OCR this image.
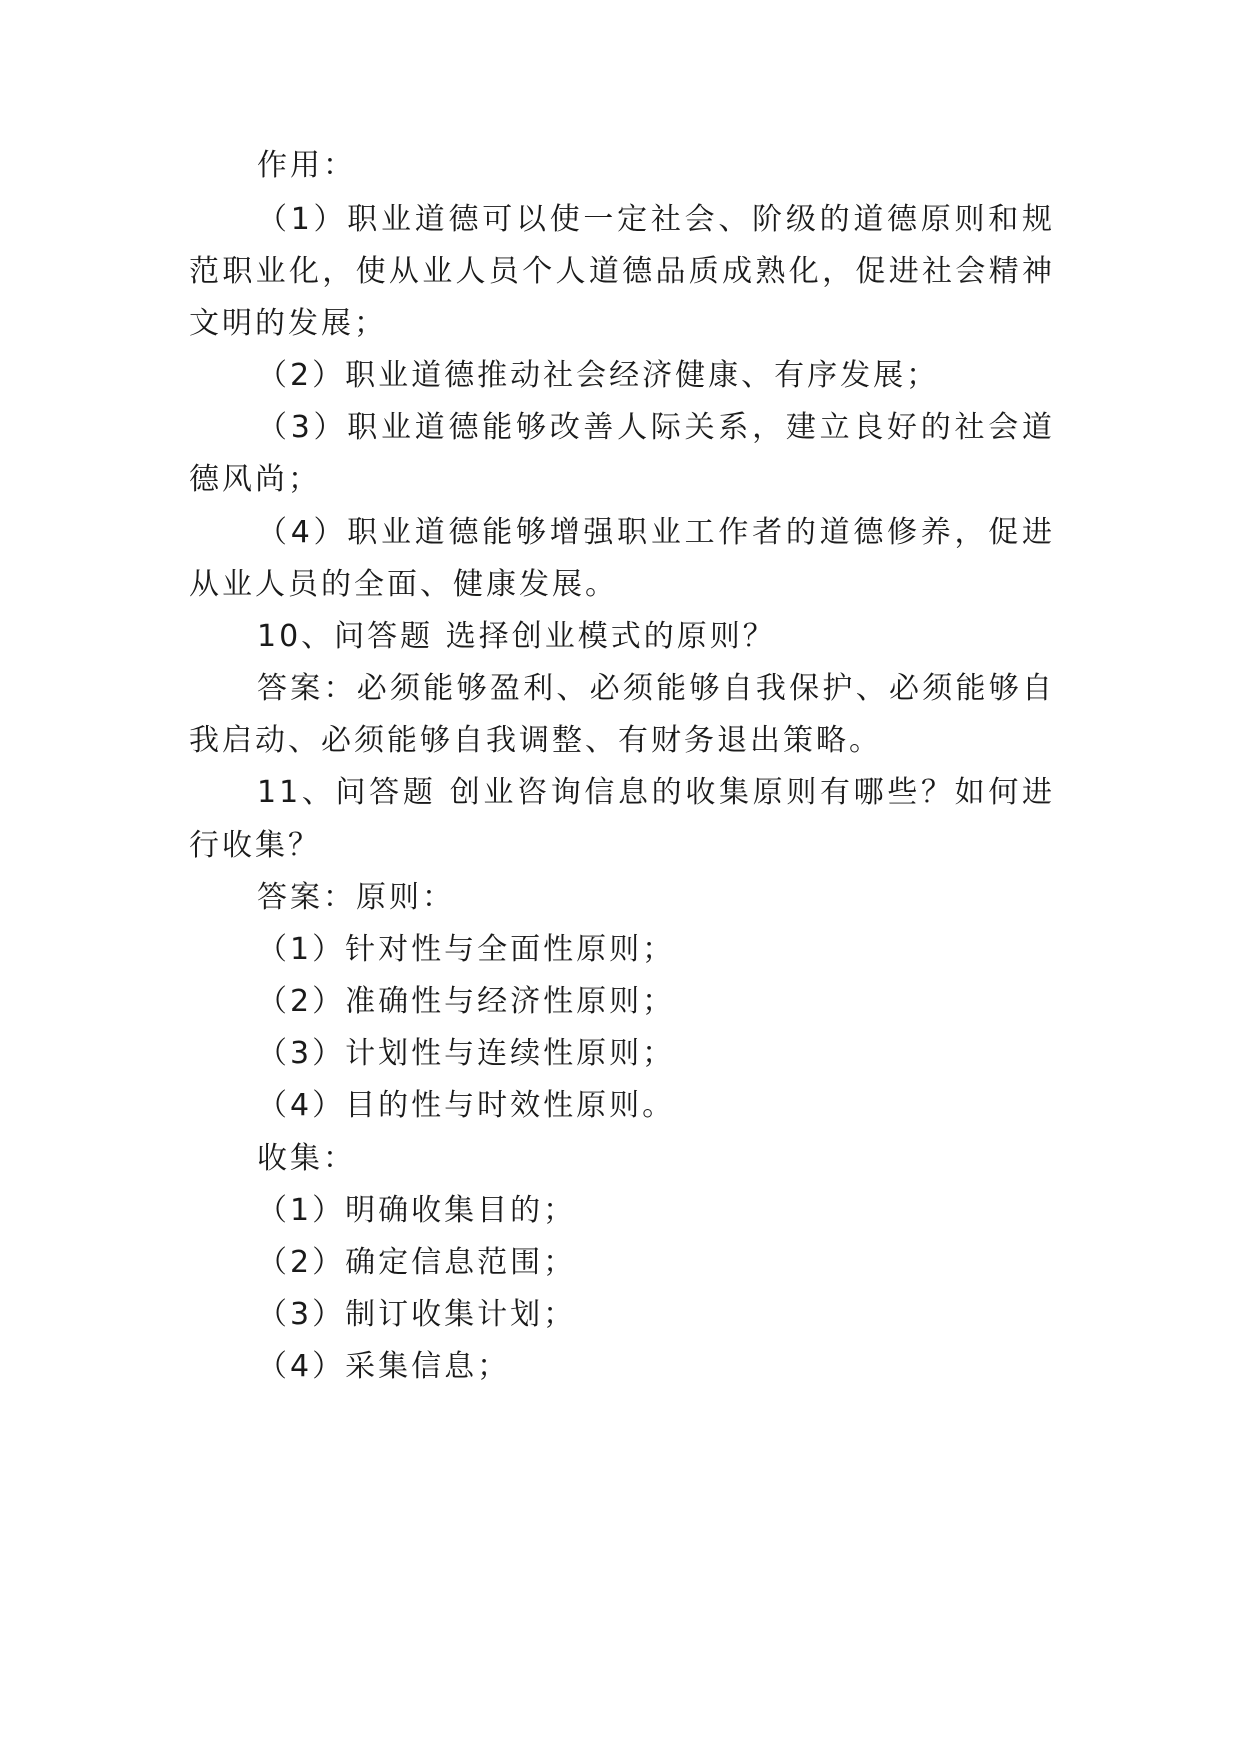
作用：
（1）职业道德可以使一定社会、阶级的道德原则和规
范职业化，使从业人员个人道德品质成熟化，促进社会精神
文明的发展；
（2）职业道德推动社会经济健康、有序发展；
（3）职业道德能够改善人际关系，建立良好的社会道
德风尚；
（4）职业道德能够增强职业工作者的道德修养，促进
从业人员的全面、健康发展。
10、问答题 选择创业模式的原则？
答案：必须能够盈利、必须能够自我保护、必须能够自
我启动、必须能够自我调整、有财务退出策略。
11、问答题 创业咨询信息的收集原则有哪些？如何进
行收集？
答案：原则：
（1）针对性与全面性原则；
（2）准确性与经济性原则；
（3）计划性与连续性原则；
（4）目的性与时效性原则。
收集：
（1）明确收集目的；
（2）确定信息范围；
（3）制订收集计划；
（4）采集信息；
